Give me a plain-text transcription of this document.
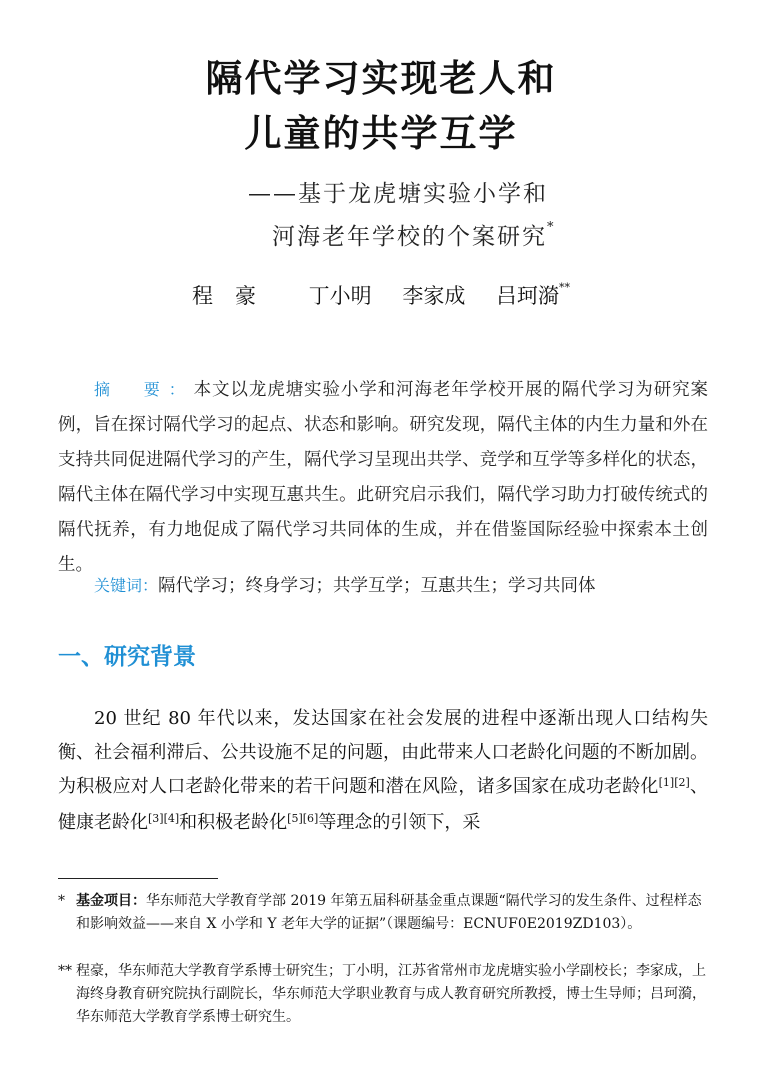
隔代学习实现老人和
儿童的共学互学
——基于龙虎塘实验小学和
河海老年学校的个案研究*
程豪 丁小明 李家成 吕珂漪**
摘　要：本文以龙虎塘实验小学和河海老年学校开展的隔代学习为研究案例，旨在探讨隔代学习的起点、状态和影响。研究发现，隔代主体的内生力量和外在支持共同促进隔代学习的产生，隔代学习呈现出共学、竞学和互学等多样化的状态，隔代主体在隔代学习中实现互惠共生。此研究启示我们，隔代学习助力打破传统式的隔代抚养，有力地促成了隔代学习共同体的生成，并在借鉴国际经验中探索本土创生。
关键词：隔代学习；终身学习；共学互学；互惠共生；学习共同体
一、研究背景
20 世纪 80 年代以来，发达国家在社会发展的进程中逐渐出现人口结构失衡、社会福利滞后、公共设施不足的问题，由此带来人口老龄化问题的不断加剧。为积极应对人口老龄化带来的若干问题和潜在风险，诸多国家在成功老龄化[1][2]、健康老龄化[3][4]和积极老龄化[5][6]等理念的引领下，采
* 基金项目：华东师范大学教育学部 2019 年第五届科研基金重点课题“隔代学习的发生条件、过程样态和影响效益——来自 X 小学和 Y 老年大学的证据”（课题编号：ECNUF0E2019ZD103）。
** 程豪，华东师范大学教育学系博士研究生；丁小明，江苏省常州市龙虎塘实验小学副校长；李家成，上海终身教育研究院执行副院长，华东师范大学职业教育与成人教育研究所教授，博士生导师；吕珂漪，华东师范大学教育学系博士研究生。
